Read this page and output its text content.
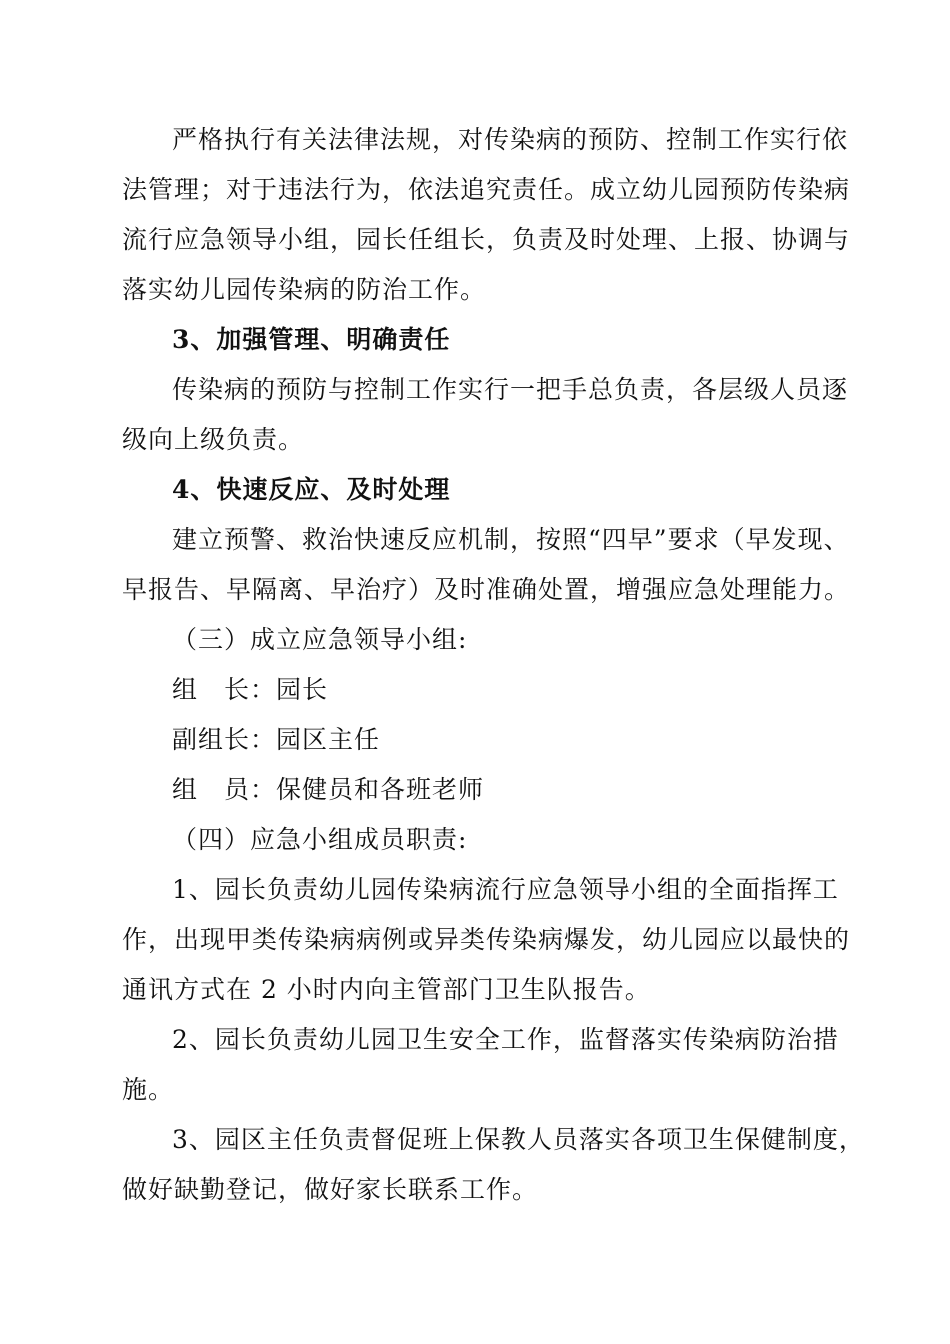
严格执行有关法律法规，对传染病的预防、控制工作实行依
法管理；对于违法行为，依法追究责任。成立幼儿园预防传染病
流行应急领导小组，园长任组长，负责及时处理、上报、协调与
落实幼儿园传染病的防治工作。
3、加强管理、明确责任
传染病的预防与控制工作实行一把手总负责，各层级人员逐
级向上级负责。
4、快速反应、及时处理
建立预警、救治快速反应机制，按照“四早”要求（早发现、
早报告、早隔离、早治疗）及时准确处置，增强应急处理能力。
（三）成立应急领导小组:
组　长：园长
副组长：园区主任
组　员：保健员和各班老师
（四）应急小组成员职责:
1、园长负责幼儿园传染病流行应急领导小组的全面指挥工
作，出现甲类传染病病例或异类传染病爆发，幼儿园应以最快的
通讯方式在 2 小时内向主管部门卫生队报告。
2、园长负责幼儿园卫生安全工作，监督落实传染病防治措
施。
3、园区主任负责督促班上保教人员落实各项卫生保健制度，
做好缺勤登记，做好家长联系工作。
